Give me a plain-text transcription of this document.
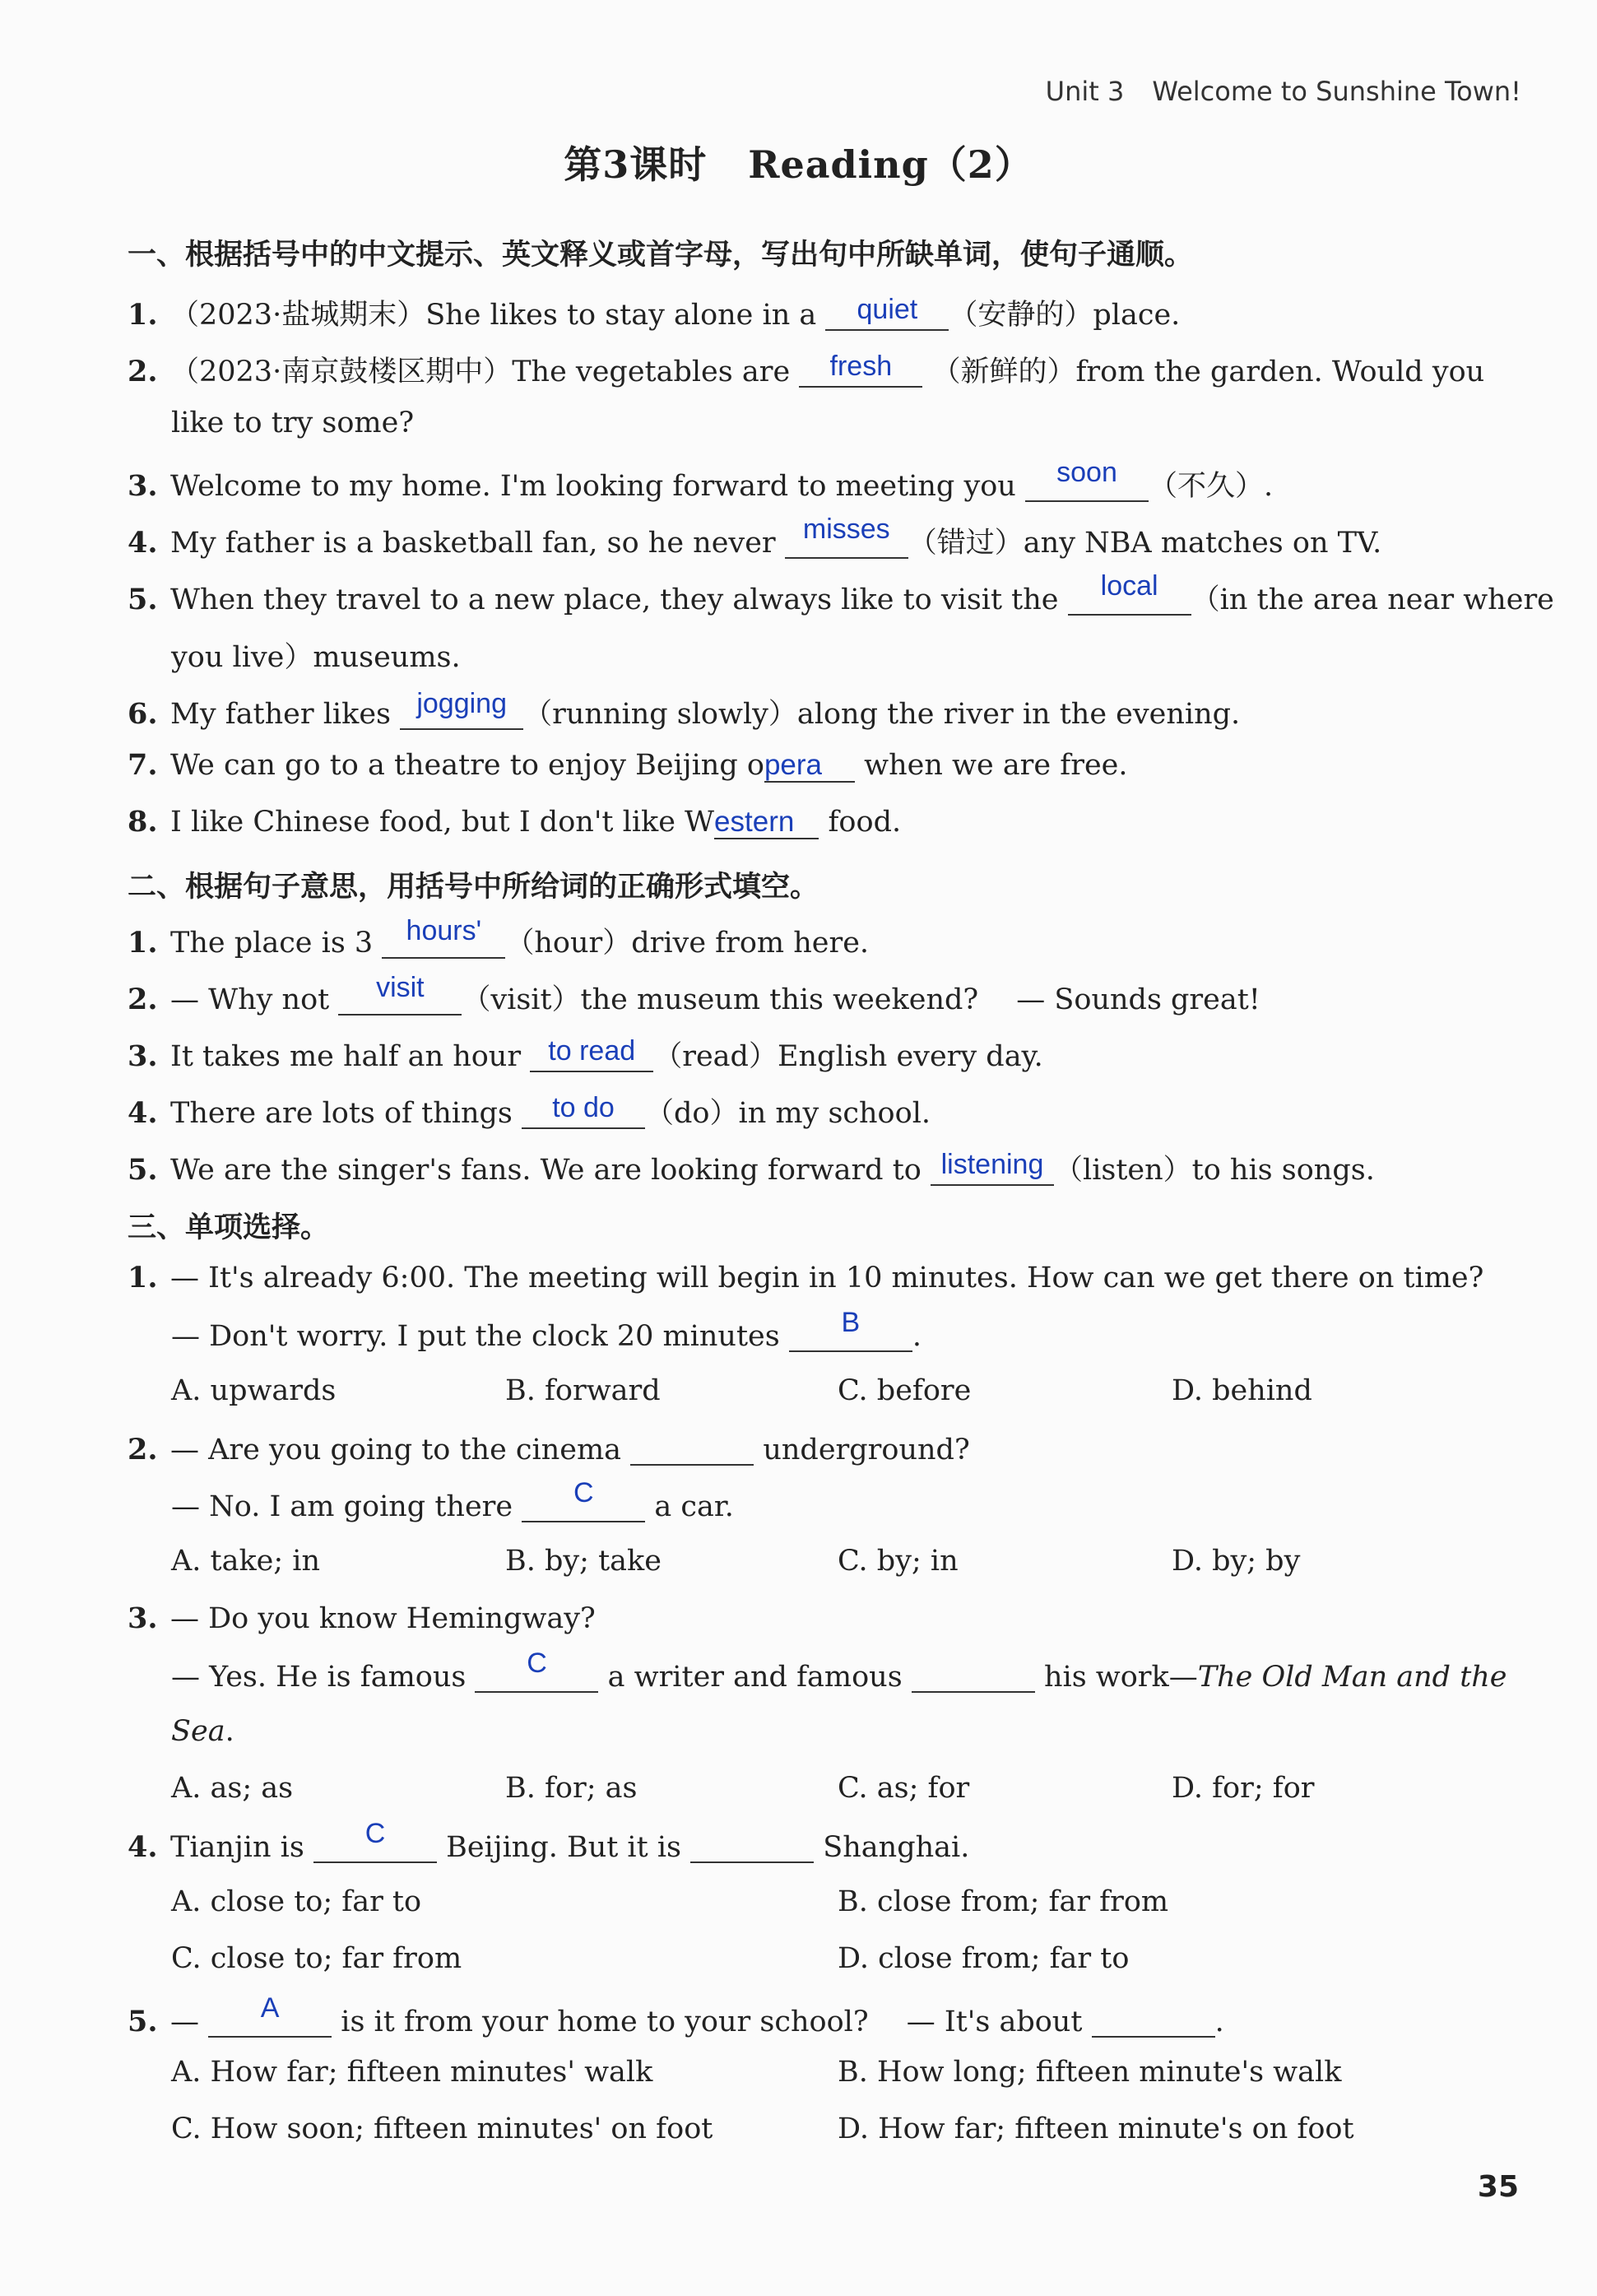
Unit 3 Welcome to Sunshine Town!
第3课时 Reading（2）
一、根据括号中的中文提示、英文释义或首字母，写出句中所缺单词，使句子通顺。
1. （2023·盐城期末）She likes to stay alone in a	quiet	（安静的）place.
2. （2023·南京鼓楼区期中）The vegetables are	fresh	（新鲜的）from the garden. Would you
like to try some?
3. Welcome to my home. I'm looking forward to meeting you	soon	（不久）.
4. My father is a basketball fan, so he never misses （错过）any NBA matches on TV.
5. When they travel to a new place, they always like to visit the	local	（in the area near where
you live）museums.
6. My father likes jogging （running slowly）along the river in the evening.
7. We can go to a theatre to enjoy Beijing opera when we are free.
8. I like Chinese food, but I don't like Western food.
二、根据句子意思，用括号中所给词的正确形式填空。
1. The place is 3	hours' （hour）drive from here.
2. — Why not	visit	（visit）the museum this weekend?　 — Sounds great!
3. It takes me half an hour to read （read）English every day.
4. There are lots of things	to do	（do）in my school.
5. We are the singer's fans. We are looking forward to listening （listen）to his songs.
三、单项选择。
1. — It's already 6:00. The meeting will begin in 10 minutes. How can we get there on time?
— Don't worry. I put the clock 20 minutes	B	.
A. upwards	B. forward	C. before	D. behind
2. — Are you going to the cinema	underground?
— No. I am going there	C	a car.
A. take; in	B. by; take	C. by; in	D. by; by
3. — Do you know Hemingway?
— Yes. He is famous	C	a writer and famous	his work—The Old Man and the
Sea.
A. as; as	B. for; as	C. as; for	D. for; for
4. Tianjin is	C	Beijing. But it is	Shanghai.
A. close to; far to	B. close from; far from
C. close to; far from	D. close from; far to
5. —	A	is it from your home to your school?　 — It's about	.
A. How far; fifteen minutes' walk	B. How long; fifteen minute's walk
C. How soon; fifteen minutes' on foot	D. How far; fifteen minute's on foot
35
